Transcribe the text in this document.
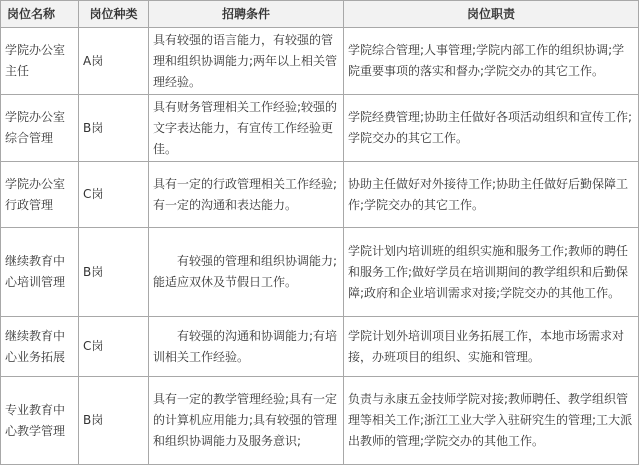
岗位名称	岗位种类	招聘条件	岗位职责
学院办公室主任	A岗	具有较强的语言能力，有较强的管理和组织协调能力;两年以上相关管理经验。	学院综合管理;人事管理;学院内部工作的组织协调;学院重要事项的落实和督办;学院交办的其它工作。
学院办公室综合管理	B岗	具有财务管理相关工作经验;较强的文字表达能力，有宣传工作经验更佳。	学院经费管理;协助主任做好各项活动组织和宣传工作;学院交办的其它工作。
学院办公室行政管理	C岗	具有一定的行政管理相关工作经验;有一定的沟通和表达能力。	协助主任做好对外接待工作;协助主任做好后勤保障工作;学院交办的其它工作。
继续教育中心培训管理	B岗	有较强的管理和组织协调能力;能适应双休及节假日工作。	学院计划内培训班的组织实施和服务工作;教师的聘任和服务工作;做好学员在培训期间的教学组织和后勤保障;政府和企业培训需求对接;学院交办的其他工作。
继续教育中心业务拓展	C岗	有较强的沟通和协调能力;有培训相关工作经验。	学院计划外培训项目业务拓展工作，本地市场需求对接，办班项目的组织、实施和管理。
专业教育中心教学管理	B岗	具有一定的教学管理经验;具有一定的计算机应用能力;具有较强的管理和组织协调能力及服务意识;	负责与永康五金技师学院对接;教师聘任、教学组织管理等相关工作;浙江工业大学入驻研究生的管理;工大派出教师的管理;学院交办的其他工作。
